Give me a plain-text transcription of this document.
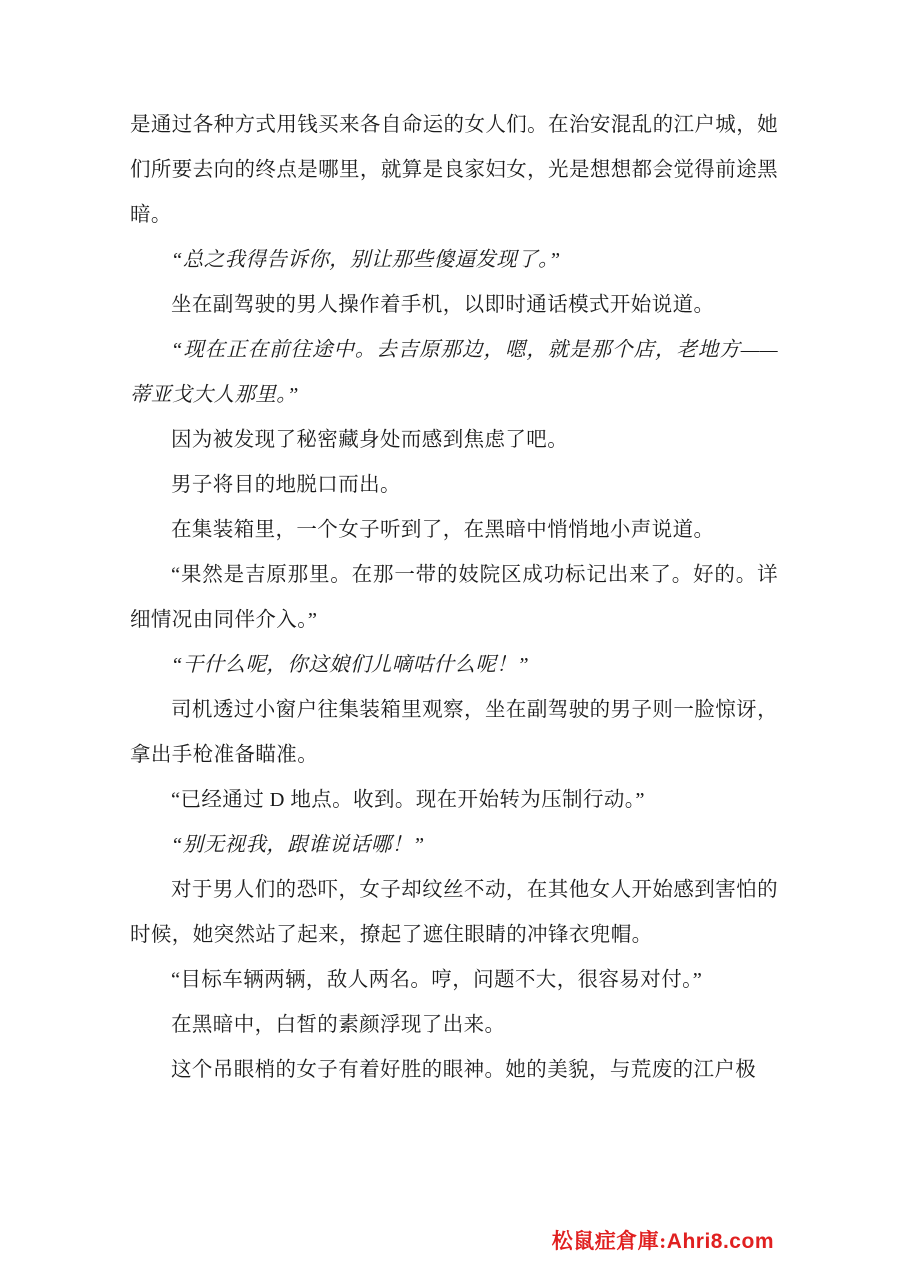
是通过各种方式用钱买来各自命运的女人们。在治安混乱的江户城，她们所要去向的终点是哪里，就算是良家妇女，光是想想都会觉得前途黑暗。

“总之我得告诉你，别让那些傻逼发现了。”

坐在副驾驶的男人操作着手机，以即时通话模式开始说道。

“现在正在前往途中。去吉原那边，嗯，就是那个店，老地方——蒂亚戈大人那里。”

因为被发现了秘密藏身处而感到焦虑了吧。

男子将目的地脱口而出。

在集装箱里，一个女子听到了，在黑暗中悄悄地小声说道。

“果然是吉原那里。在那一带的妓院区成功标记出来了。好的。详细情况由同伴介入。”

“干什么呢，你这娘们儿嘀咕什么呢！”

司机透过小窗户往集装箱里观察，坐在副驾驶的男子则一脸惊讶，拿出手枪准备瞄准。

“已经通过 D 地点。收到。现在开始转为压制行动。”

“别无视我，跟谁说话哪！”

对于男人们的恐吓，女子却纹丝不动，在其他女人开始感到害怕的时候，她突然站了起来，撩起了遮住眼睛的冲锋衣兜帽。

“目标车辆两辆，敌人两名。哼，问题不大，很容易对付。”

在黑暗中，白皙的素颜浮现了出来。

这个吊眼梢的女子有着好胜的眼神。她的美貌，与荒废的江户极

松鼠症倉庫:Ahri8.com
